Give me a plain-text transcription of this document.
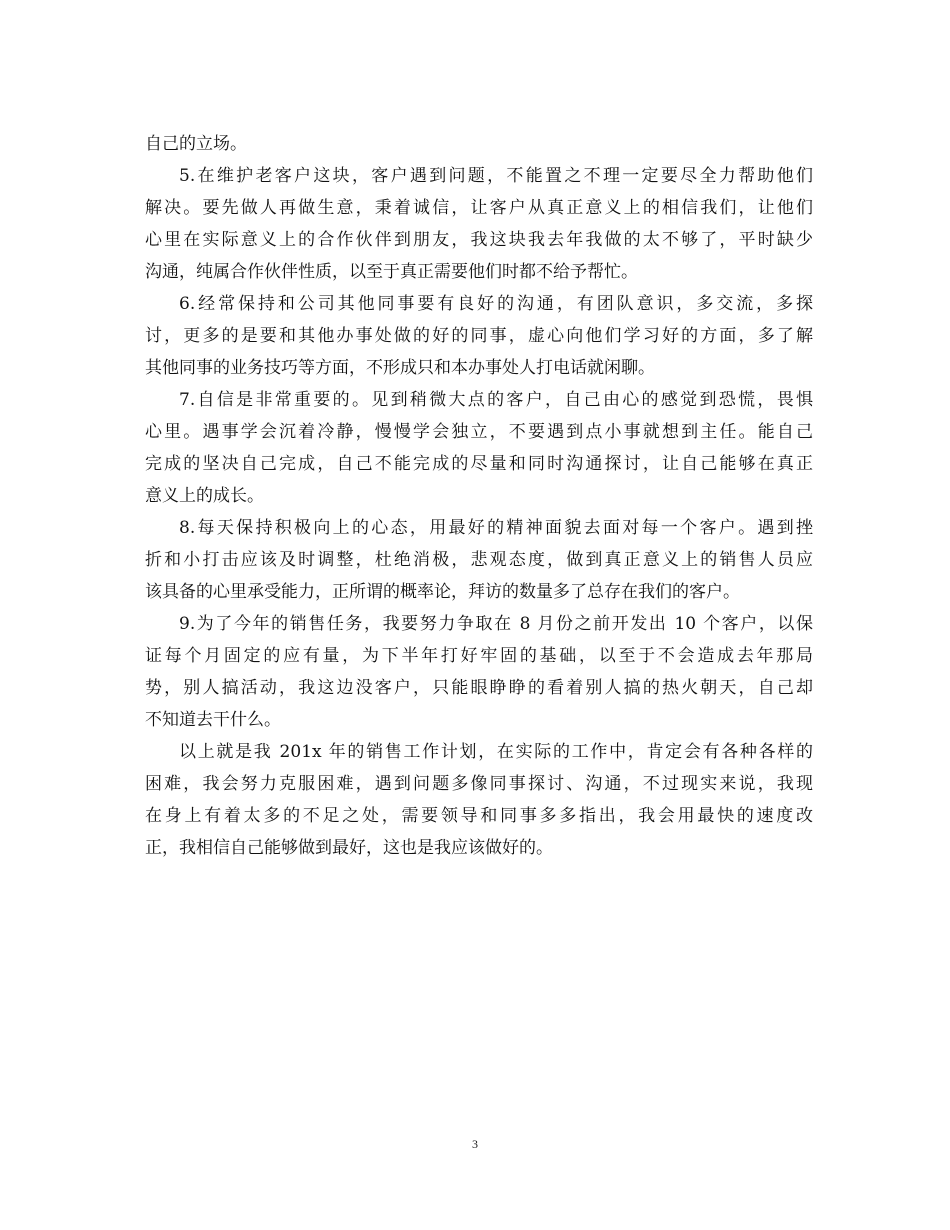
自己的立场。
5.在维护老客户这块，客户遇到问题，不能置之不理一定要尽全力帮助他们
解决。要先做人再做生意，秉着诚信，让客户从真正意义上的相信我们，让他们
心里在实际意义上的合作伙伴到朋友，我这块我去年我做的太不够了，平时缺少
沟通，纯属合作伙伴性质，以至于真正需要他们时都不给予帮忙。
6.经常保持和公司其他同事要有良好的沟通，有团队意识，多交流，多探
讨，更多的是要和其他办事处做的好的同事，虚心向他们学习好的方面，多了解
其他同事的业务技巧等方面，不形成只和本办事处人打电话就闲聊。
7.自信是非常重要的。见到稍微大点的客户，自己由心的感觉到恐慌，畏惧
心里。遇事学会沉着冷静，慢慢学会独立，不要遇到点小事就想到主任。能自己
完成的坚决自己完成，自己不能完成的尽量和同时沟通探讨，让自己能够在真正
意义上的成长。
8.每天保持积极向上的心态，用最好的精神面貌去面对每一个客户。遇到挫
折和小打击应该及时调整，杜绝消极，悲观态度，做到真正意义上的销售人员应
该具备的心里承受能力，正所谓的概率论，拜访的数量多了总存在我们的客户。
9.为了今年的销售任务，我要努力争取在 8 月份之前开发出 10 个客户，以保
证每个月固定的应有量，为下半年打好牢固的基础，以至于不会造成去年那局
势，别人搞活动，我这边没客户，只能眼睁睁的看着别人搞的热火朝天，自己却
不知道去干什么。
以上就是我 201x 年的销售工作计划，在实际的工作中，肯定会有各种各样的
困难，我会努力克服困难，遇到问题多像同事探讨、沟通，不过现实来说，我现
在身上有着太多的不足之处，需要领导和同事多多指出，我会用最快的速度改
正，我相信自己能够做到最好，这也是我应该做好的。
3
